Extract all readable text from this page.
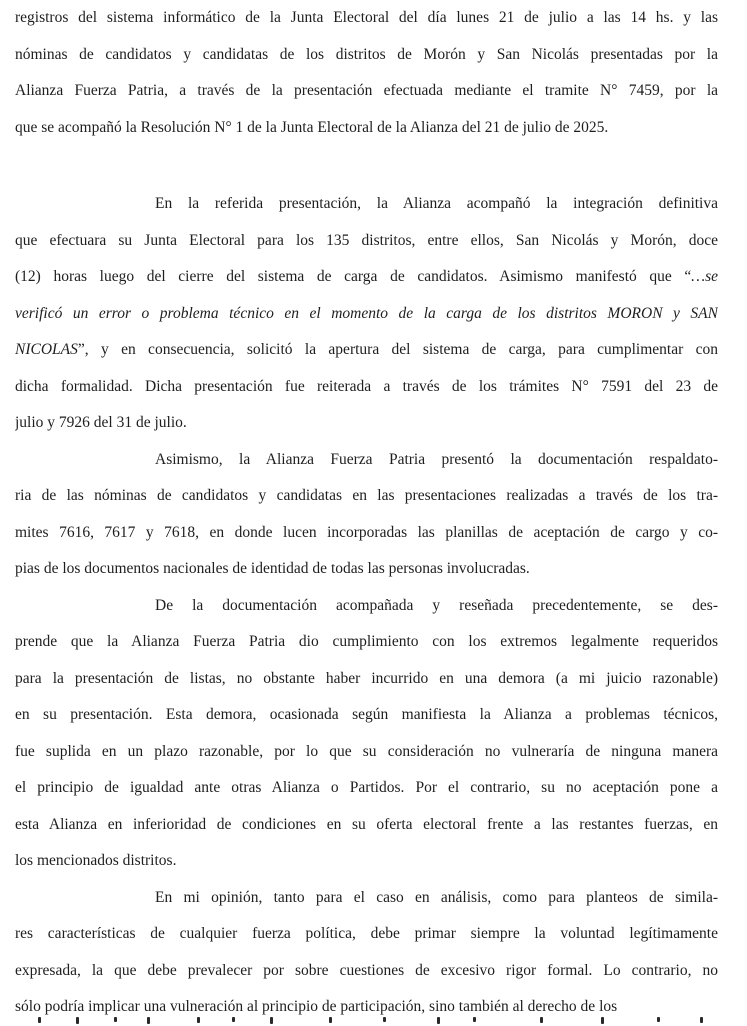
registros del sistema informático de la Junta Electoral del día lunes 21 de julio a las 14 hs. y las
nóminas de candidatos y candidatas de los distritos de Morón y San Nicolás presentadas por la
Alianza Fuerza Patria, a través de la presentación efectuada mediante el tramite N° 7459, por la
que se acompañó la Resolución N° 1 de la Junta Electoral de la Alianza del 21 de julio de 2025.
En la referida presentación, la Alianza acompañó la integración definitiva
que efectuara su Junta Electoral para los 135 distritos, entre ellos, San Nicolás y Morón, doce
(12) horas luego del cierre del sistema de carga de candidatos. Asimismo manifestó que “…se
verificó un error o problema técnico en el momento de la carga de los distritos MORON y SAN
NICOLAS”, y en consecuencia, solicitó la apertura del sistema de carga, para cumplimentar con
dicha formalidad. Dicha presentación fue reiterada a través de los trámites N° 7591 del 23 de
julio y 7926 del 31 de julio.
Asimismo, la Alianza Fuerza Patria presentó la documentación respaldato-
ria de las nóminas de candidatos y candidatas en las presentaciones realizadas a través de los tra-
mites 7616, 7617 y 7618, en donde lucen incorporadas las planillas de aceptación de cargo y co-
pias de los documentos nacionales de identidad de todas las personas involucradas.
De la documentación acompañada y reseñada precedentemente, se des-
prende que la Alianza Fuerza Patria dio cumplimiento con los extremos legalmente requeridos
para la presentación de listas, no obstante haber incurrido en una demora (a mi juicio razonable)
en su presentación. Esta demora, ocasionada según manifiesta la Alianza a problemas técnicos,
fue suplida en un plazo razonable, por lo que su consideración no vulneraría de ninguna manera
el principio de igualdad ante otras Alianza o Partidos. Por el contrario, su no aceptación pone a
esta Alianza en inferioridad de condiciones en su oferta electoral frente a las restantes fuerzas, en
los mencionados distritos.
En mi opinión, tanto para el caso en análisis, como para planteos de simila-
res características de cualquier fuerza política, debe primar siempre la voluntad legítimamente
expresada, la que debe prevalecer por sobre cuestiones de excesivo rigor formal. Lo contrario, no
sólo podría implicar una vulneración al principio de participación, sino también al derecho de los
